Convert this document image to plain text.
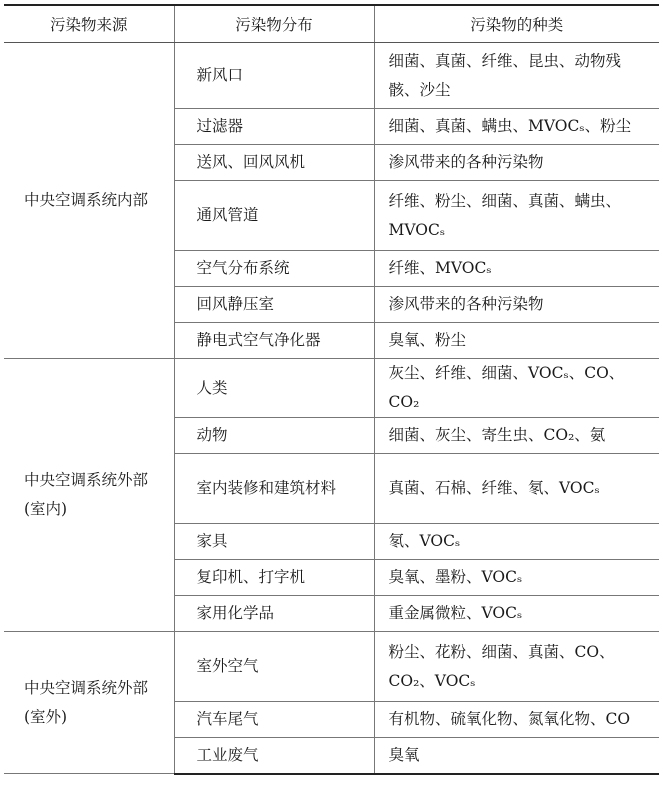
污染物来源	污染物分布	污染物的种类
中央空调系统内部	新风口	细菌、真菌、纤维、昆虫、动物残骸、沙尘
	过滤器	细菌、真菌、螨虫、MVOCₛ、粉尘
	送风、回风风机	渗风带来的各种污染物
	通风管道	纤维、粉尘、细菌、真菌、螨虫、MVOCₛ
	空气分布系统	纤维、MVOCₛ
	回风静压室	渗风带来的各种污染物
	静电式空气净化器	臭氧、粉尘
中央空调系统外部(室内)	人类	灰尘、纤维、细菌、VOCₛ、CO、CO₂
	动物	细菌、灰尘、寄生虫、CO₂、氨
	室内装修和建筑材料	真菌、石棉、纤维、氡、VOCₛ
	家具	氡、VOCₛ
	复印机、打字机	臭氧、墨粉、VOCₛ
	家用化学品	重金属微粒、VOCₛ
中央空调系统外部(室外)	室外空气	粉尘、花粉、细菌、真菌、CO、CO₂、VOCₛ
	汽车尾气	有机物、硫氧化物、氮氧化物、CO
	工业废气	臭氧
